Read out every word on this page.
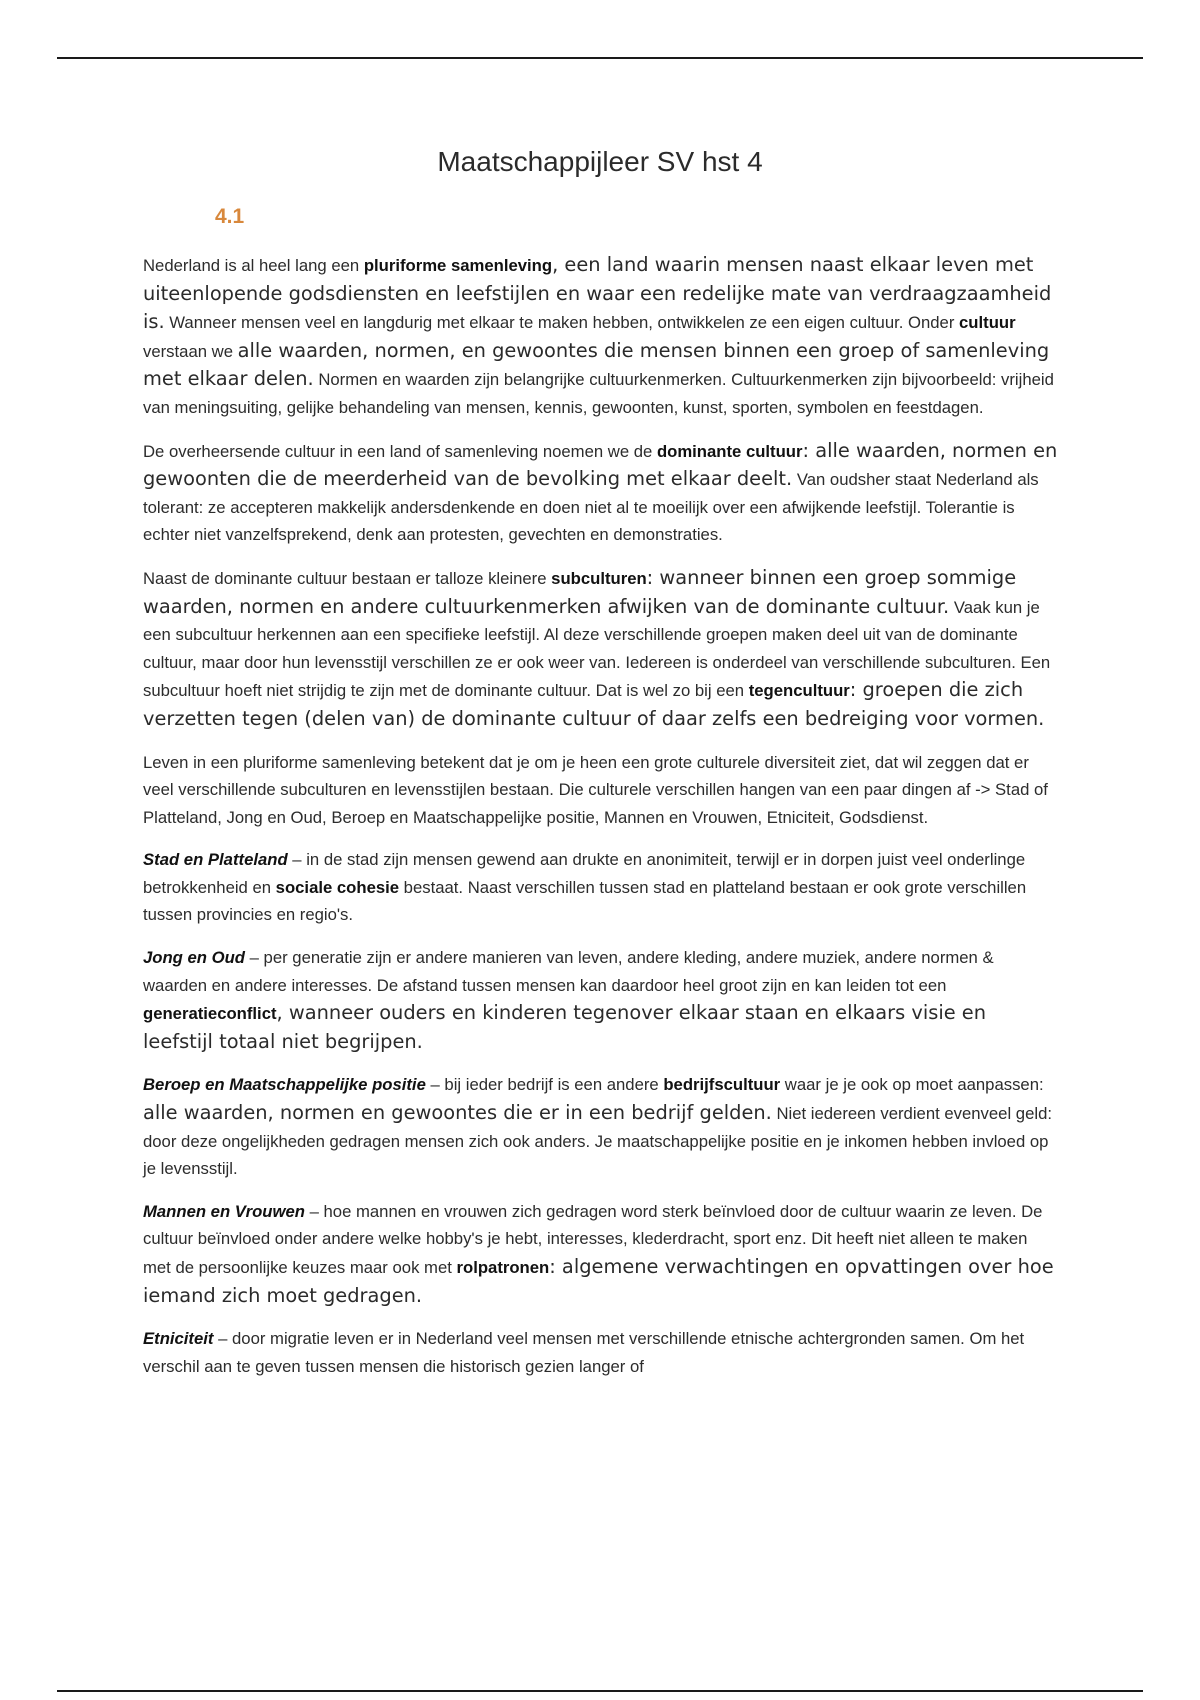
Maatschappijleer SV hst 4
4.1

Nederland is al heel lang een pluriforme samenleving, een land waarin mensen naast elkaar leven met uiteenlopende godsdiensten en leefstijlen en waar een redelijke mate van verdraagzaamheid is. Wanneer mensen veel en langdurig met elkaar te maken hebben, ontwikkelen ze een eigen cultuur. Onder cultuur verstaan we alle waarden, normen, en gewoontes die mensen binnen een groep of samenleving met elkaar delen. Normen en waarden zijn belangrijke cultuurkenmerken. Cultuurkenmerken zijn bijvoorbeeld: vrijheid van meningsuiting, gelijke behandeling van mensen, kennis, gewoonten, kunst, sporten, symbolen en feestdagen.

De overheersende cultuur in een land of samenleving noemen we de dominante cultuur: alle waarden, normen en gewoonten die de meerderheid van de bevolking met elkaar deelt. Van oudsher staat Nederland als tolerant: ze accepteren makkelijk andersdenkende en doen niet al te moeilijk over een afwijkende leefstijl. Tolerantie is echter niet vanzelfsprekend, denk aan protesten, gevechten en demonstraties.

Naast de dominante cultuur bestaan er talloze kleinere subculturen: wanneer binnen een groep sommige waarden, normen en andere cultuurkenmerken afwijken van de dominante cultuur. Vaak kun je een subcultuur herkennen aan een specifieke leefstijl. Al deze verschillende groepen maken deel uit van de dominante cultuur, maar door hun levensstijl verschillen ze er ook weer van. Iedereen is onderdeel van verschillende subculturen. Een subcultuur hoeft niet strijdig te zijn met de dominante cultuur. Dat is wel zo bij een tegencultuur: groepen die zich verzetten tegen (delen van) de dominante cultuur of daar zelfs een bedreiging voor vormen.

Leven in een pluriforme samenleving betekent dat je om je heen een grote culturele diversiteit ziet, dat wil zeggen dat er veel verschillende subculturen en levensstijlen bestaan. Die culturele verschillen hangen van een paar dingen af -> Stad of Platteland, Jong en Oud, Beroep en Maatschappelijke positie, Mannen en Vrouwen, Etniciteit, Godsdienst.

Stad en Platteland – in de stad zijn mensen gewend aan drukte en anonimiteit, terwijl er in dorpen juist veel onderlinge betrokkenheid en sociale cohesie bestaat. Naast verschillen tussen stad en platteland bestaan er ook grote verschillen tussen provincies en regio's.

Jong en Oud – per generatie zijn er andere manieren van leven, andere kleding, andere muziek, andere normen & waarden en andere interesses. De afstand tussen mensen kan daardoor heel groot zijn en kan leiden tot een generatieconflict, wanneer ouders en kinderen tegenover elkaar staan en elkaars visie en leefstijl totaal niet begrijpen.

Beroep en Maatschappelijke positie – bij ieder bedrijf is een andere bedrijfscultuur waar je je ook op moet aanpassen: alle waarden, normen en gewoontes die er in een bedrijf gelden. Niet iedereen verdient evenveel geld: door deze ongelijkheden gedragen mensen zich ook anders. Je maatschappelijke positie en je inkomen hebben invloed op je levensstijl.

Mannen en Vrouwen – hoe mannen en vrouwen zich gedragen word sterk beïnvloed door de cultuur waarin ze leven. De cultuur beïnvloed onder andere welke hobby's je hebt, interesses, klederdracht, sport enz. Dit heeft niet alleen te maken met de persoonlijke keuzes maar ook met rolpatronen: algemene verwachtingen en opvattingen over hoe iemand zich moet gedragen.

Etniciteit – door migratie leven er in Nederland veel mensen met verschillende etnische achtergronden samen. Om het verschil aan te geven tussen mensen die historisch gezien langer of
